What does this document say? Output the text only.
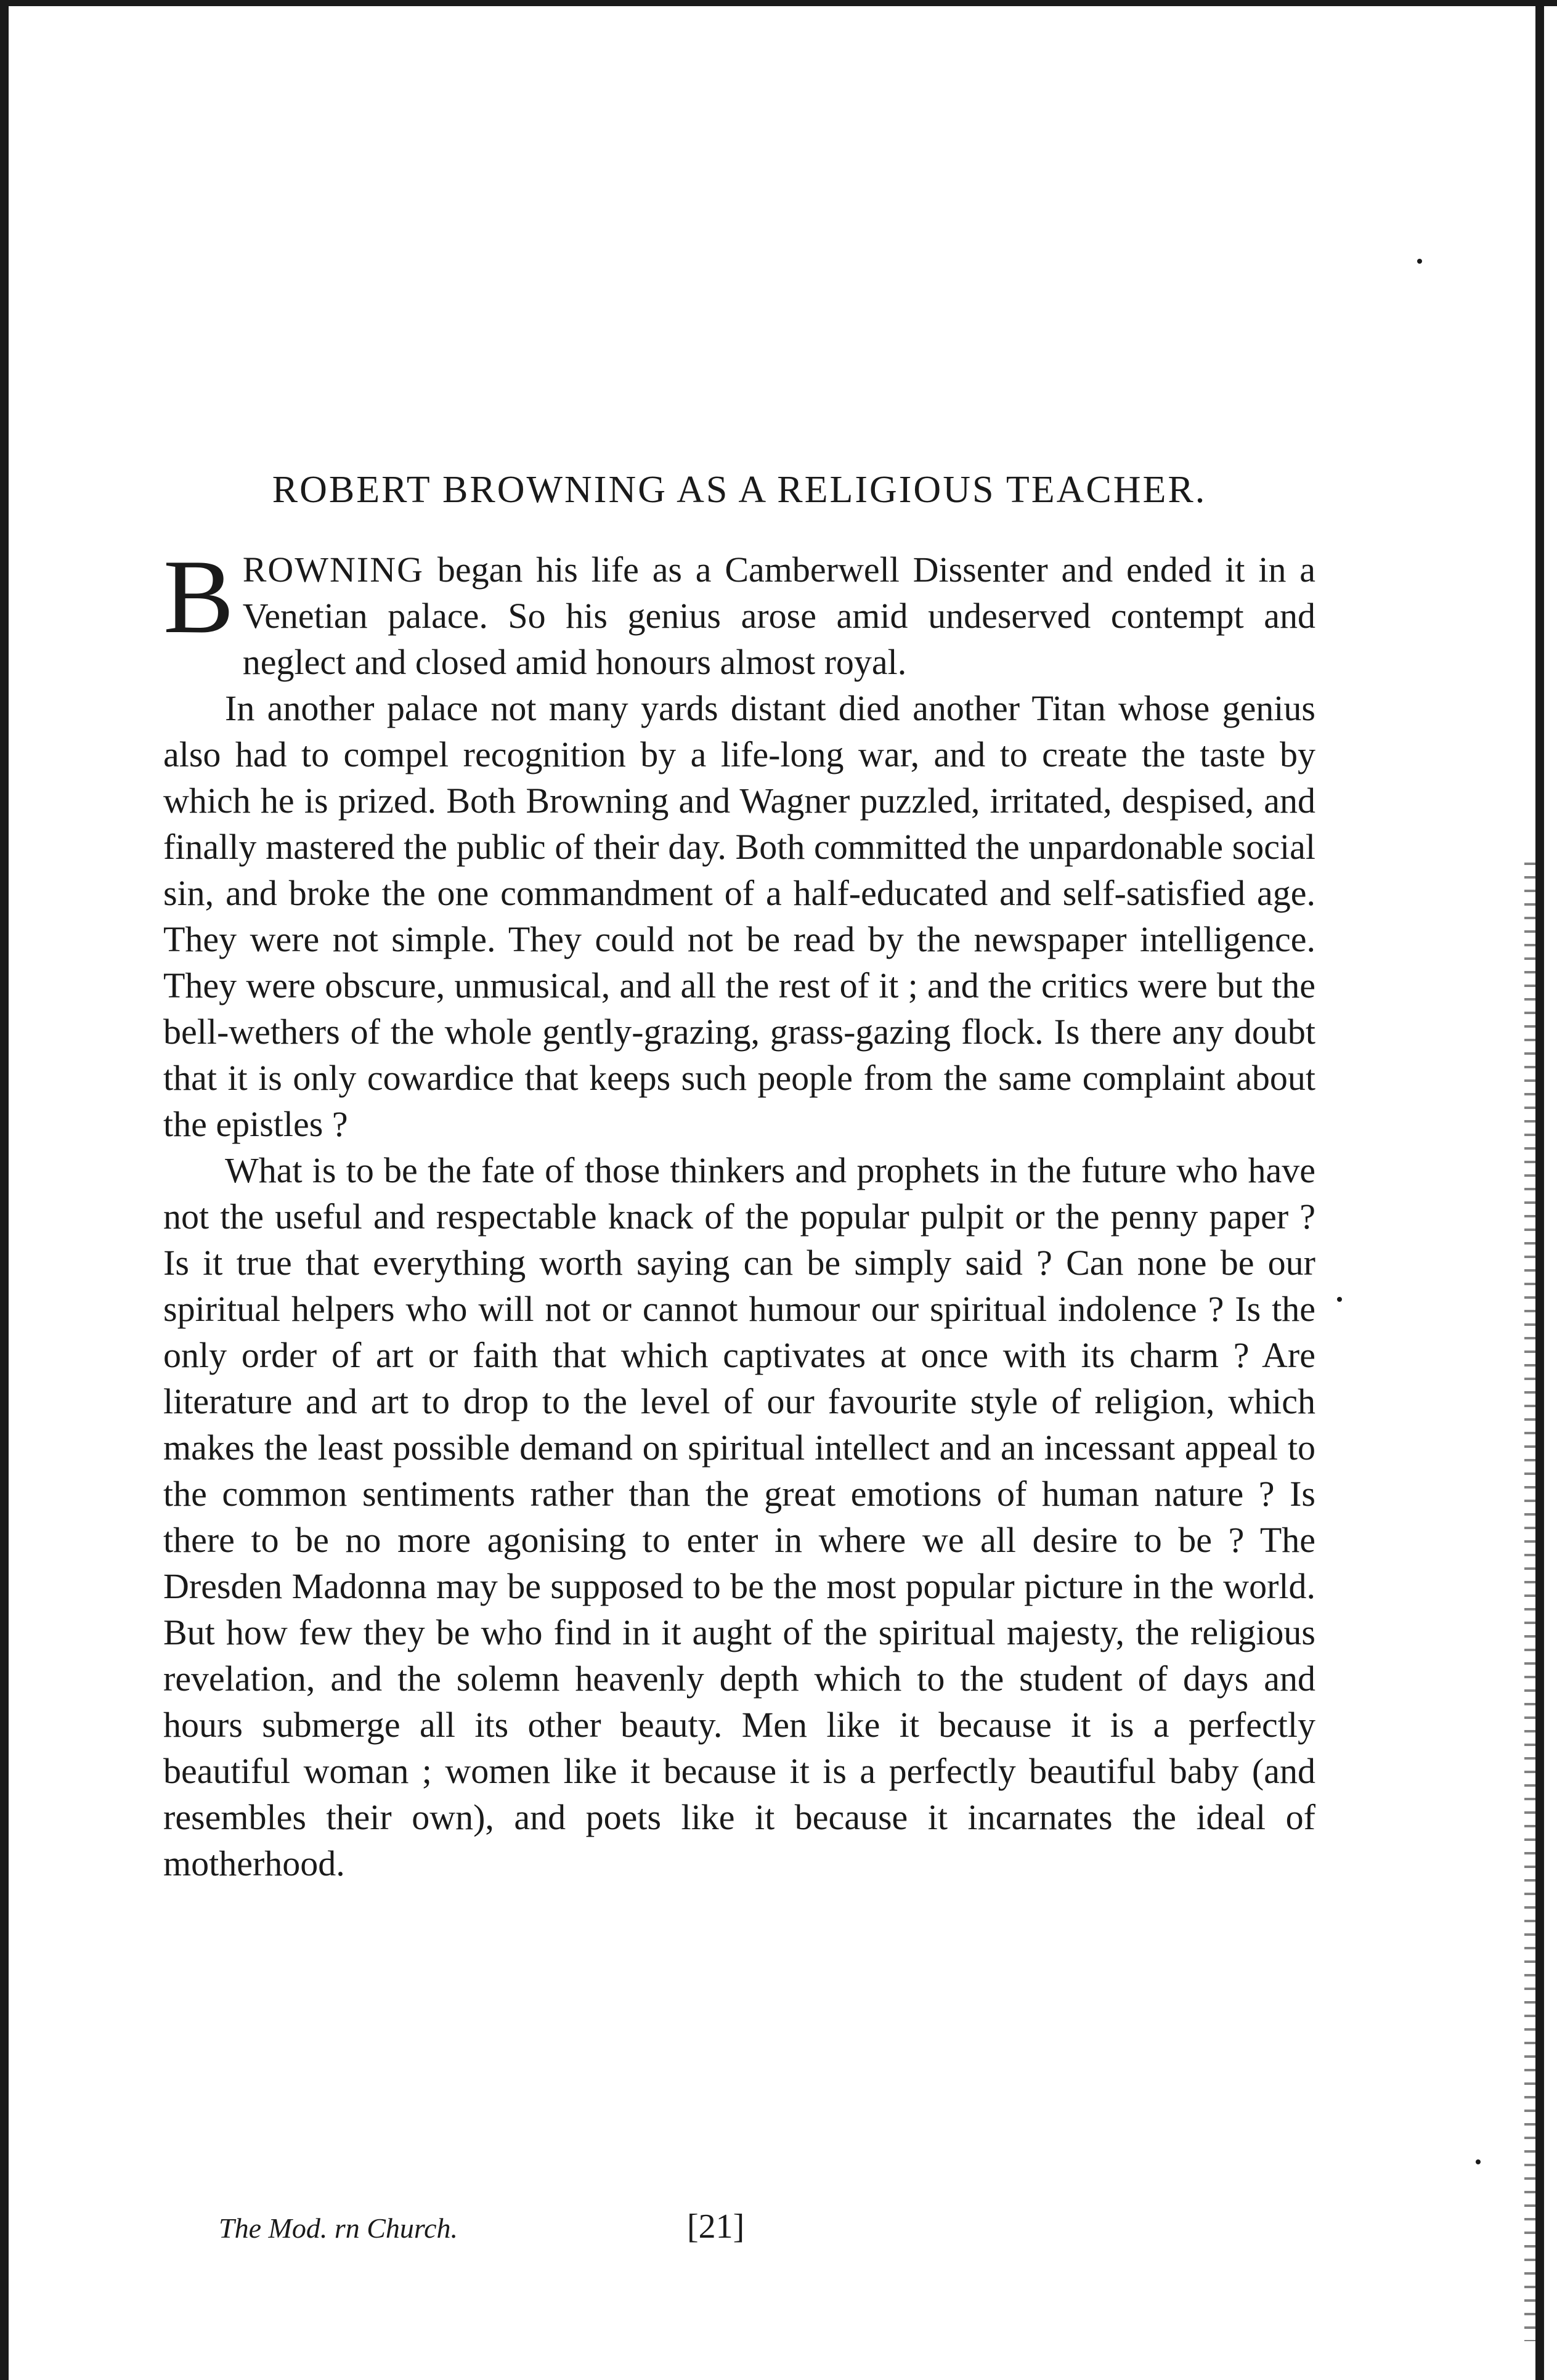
ROBERT BROWNING AS A RELIGIOUS TEACHER.

BROWNING began his life as a Camberwell Dissenter and ended it in a Venetian palace. So his genius arose amid undeserved contempt and neglect and closed amid honours almost royal.

In another palace not many yards distant died another Titan whose genius also had to compel recognition by a life-long war, and to create the taste by which he is prized. Both Browning and Wagner puzzled, irritated, despised, and finally mastered the public of their day. Both committed the unpardonable social sin, and broke the one commandment of a half-educated and self-satisfied age. They were not simple. They could not be read by the newspaper intelligence. They were obscure, unmusical, and all the rest of it ; and the critics were but the bell-wethers of the whole gently-grazing, grass-gazing flock. Is there any doubt that it is only cowardice that keeps such people from the same complaint about the epistles ?

What is to be the fate of those thinkers and prophets in the future who have not the useful and respectable knack of the popular pulpit or the penny paper ? Is it true that everything worth saying can be simply said ? Can none be our spiritual helpers who will not or cannot humour our spiritual indolence ? Is the only order of art or faith that which captivates at once with its charm ? Are literature and art to drop to the level of our favourite style of religion, which makes the least possible demand on spiritual intellect and an incessant appeal to the common sentiments rather than the great emotions of human nature ? Is there to be no more agonising to enter in where we all desire to be ? The Dresden Madonna may be supposed to be the most popular picture in the world. But how few they be who find in it aught of the spiritual majesty, the religious revelation, and the solemn heavenly depth which to the student of days and hours submerge all its other beauty. Men like it because it is a perfectly beautiful woman ; women like it because it is a perfectly beautiful baby (and resembles their own), and poets like it because it incarnates the ideal of motherhood.

The Mod. rn Church.	[21]
